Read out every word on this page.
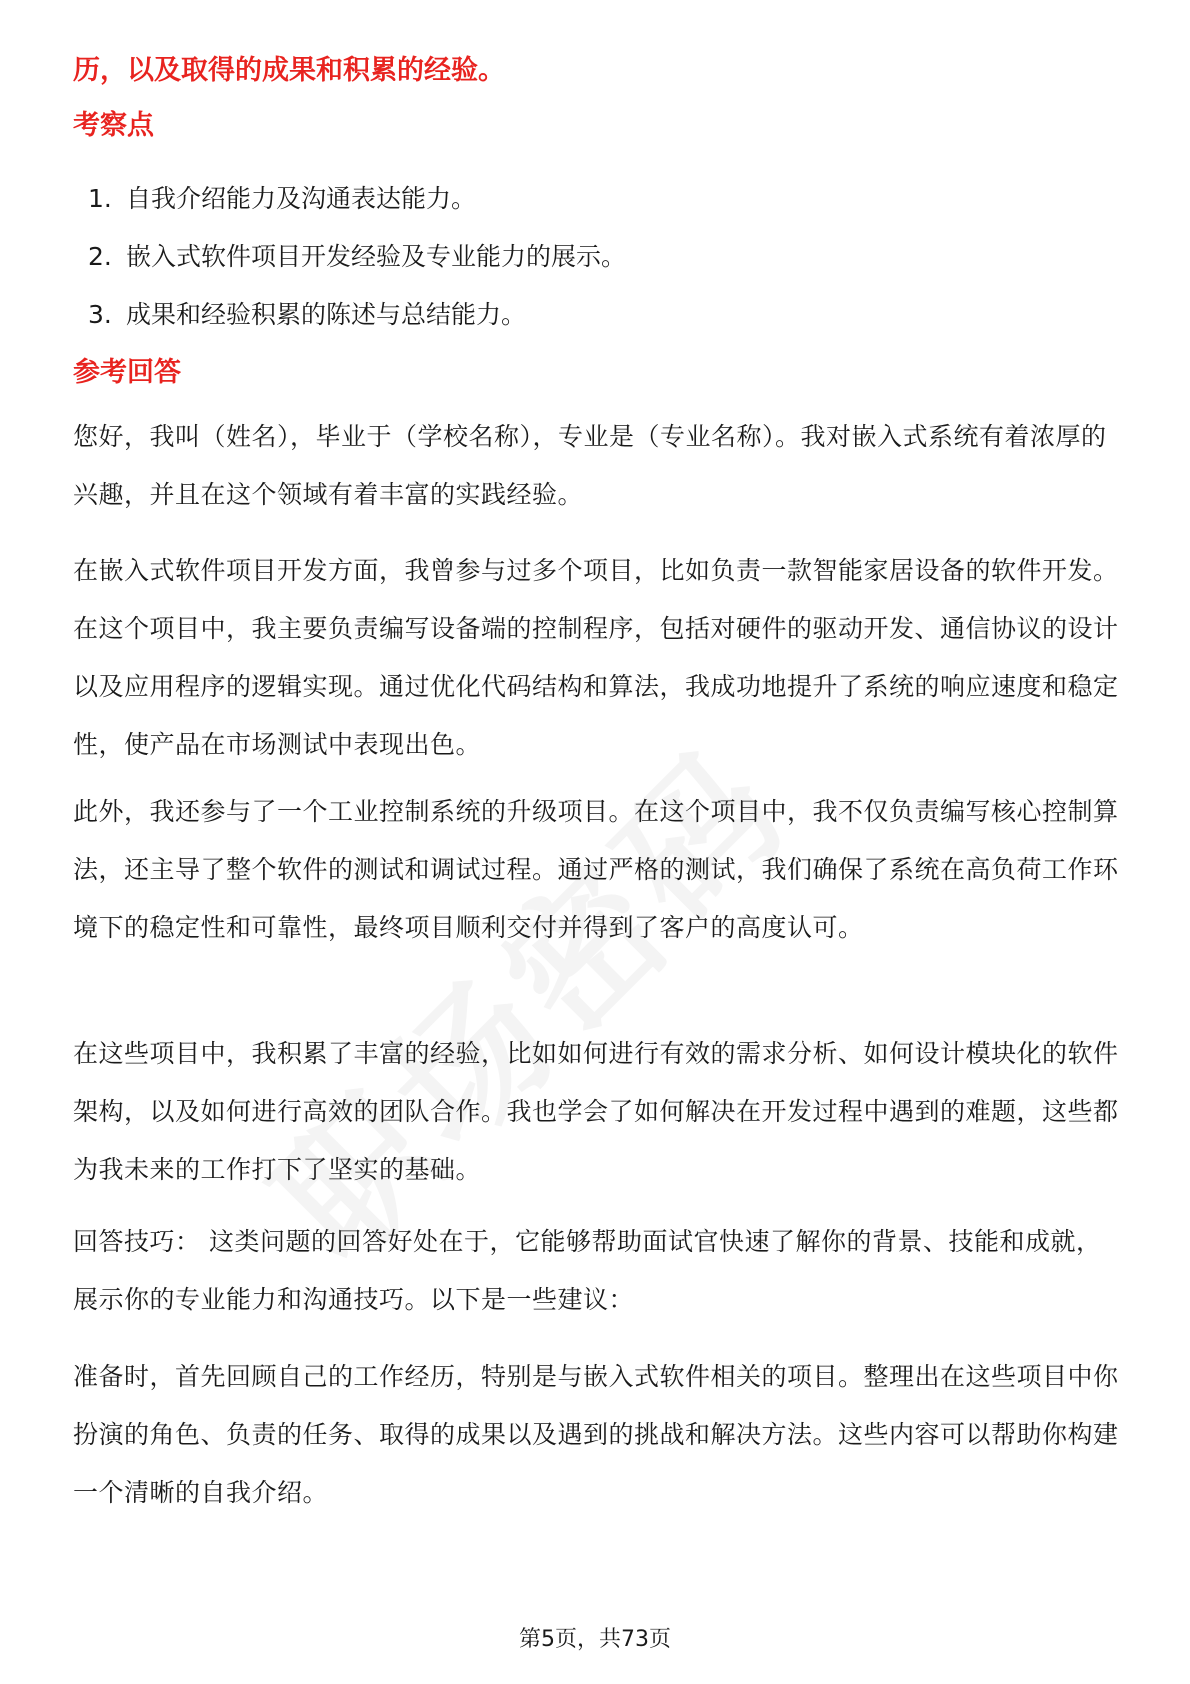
历，以及取得的成果和积累的经验。
考察点
1. 自我介绍能力及沟通表达能力。
2. 嵌入式软件项目开发经验及专业能力的展示。
3. 成果和经验积累的陈述与总结能力。
参考回答

您好，我叫（姓名），毕业于（学校名称），专业是（专业名称）。我对嵌入式系统有着浓厚的兴趣，并且在这个领域有着丰富的实践经验。

在嵌入式软件项目开发方面，我曾参与过多个项目，比如负责一款智能家居设备的软件开发。在这个项目中，我主要负责编写设备端的控制程序，包括对硬件的驱动开发、通信协议的设计以及应用程序的逻辑实现。通过优化代码结构和算法，我成功地提升了系统的响应速度和稳定性，使产品在市场测试中表现出色。

此外，我还参与了一个工业控制系统的升级项目。在这个项目中，我不仅负责编写核心控制算法，还主导了整个软件的测试和调试过程。通过严格的测试，我们确保了系统在高负荷工作环境下的稳定性和可靠性，最终项目顺利交付并得到了客户的高度认可。

在这些项目中，我积累了丰富的经验，比如如何进行有效的需求分析、如何设计模块化的软件架构，以及如何进行高效的团队合作。我也学会了如何解决在开发过程中遇到的难题，这些都为我未来的工作打下了坚实的基础。

回答技巧： 这类问题的回答好处在于，它能够帮助面试官快速了解你的背景、技能和成就，展示你的专业能力和沟通技巧。以下是一些建议：

准备时，首先回顾自己的工作经历，特别是与嵌入式软件相关的项目。整理出在这些项目中你扮演的角色、负责的任务、取得的成果以及遇到的挑战和解决方法。这些内容可以帮助你构建一个清晰的自我介绍。

第5页，共73页
